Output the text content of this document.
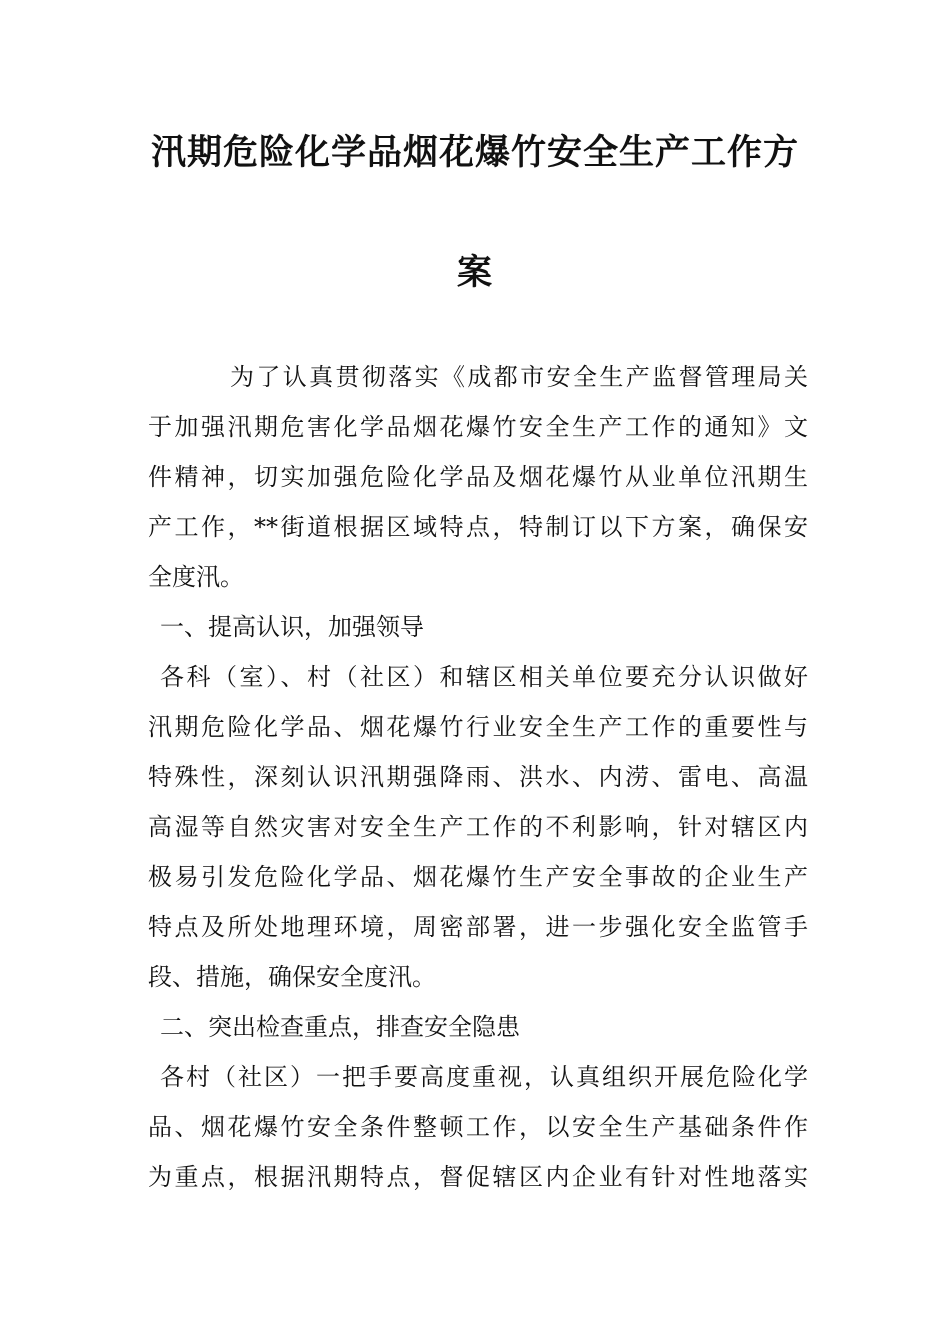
汛期危险化学品烟花爆竹安全生产工作方
案
为了认真贯彻落实《成都市安全生产监督管理局关
于加强汛期危害化学品烟花爆竹安全生产工作的通知》文
件精神，切实加强危险化学品及烟花爆竹从业单位汛期生
产工作，**街道根据区域特点，特制订以下方案，确保安
全度汛。
一、提高认识，加强领导
各科（室）、村（社区）和辖区相关单位要充分认识做好
汛期危险化学品、烟花爆竹行业安全生产工作的重要性与
特殊性，深刻认识汛期强降雨、洪水、内涝、雷电、高温
高湿等自然灾害对安全生产工作的不利影响，针对辖区内
极易引发危险化学品、烟花爆竹生产安全事故的企业生产
特点及所处地理环境，周密部署，进一步强化安全监管手
段、措施，确保安全度汛。
二、突出检查重点，排查安全隐患
各村（社区）一把手要高度重视，认真组织开展危险化学
品、烟花爆竹安全条件整顿工作，以安全生产基础条件作
为重点，根据汛期特点，督促辖区内企业有针对性地落实
